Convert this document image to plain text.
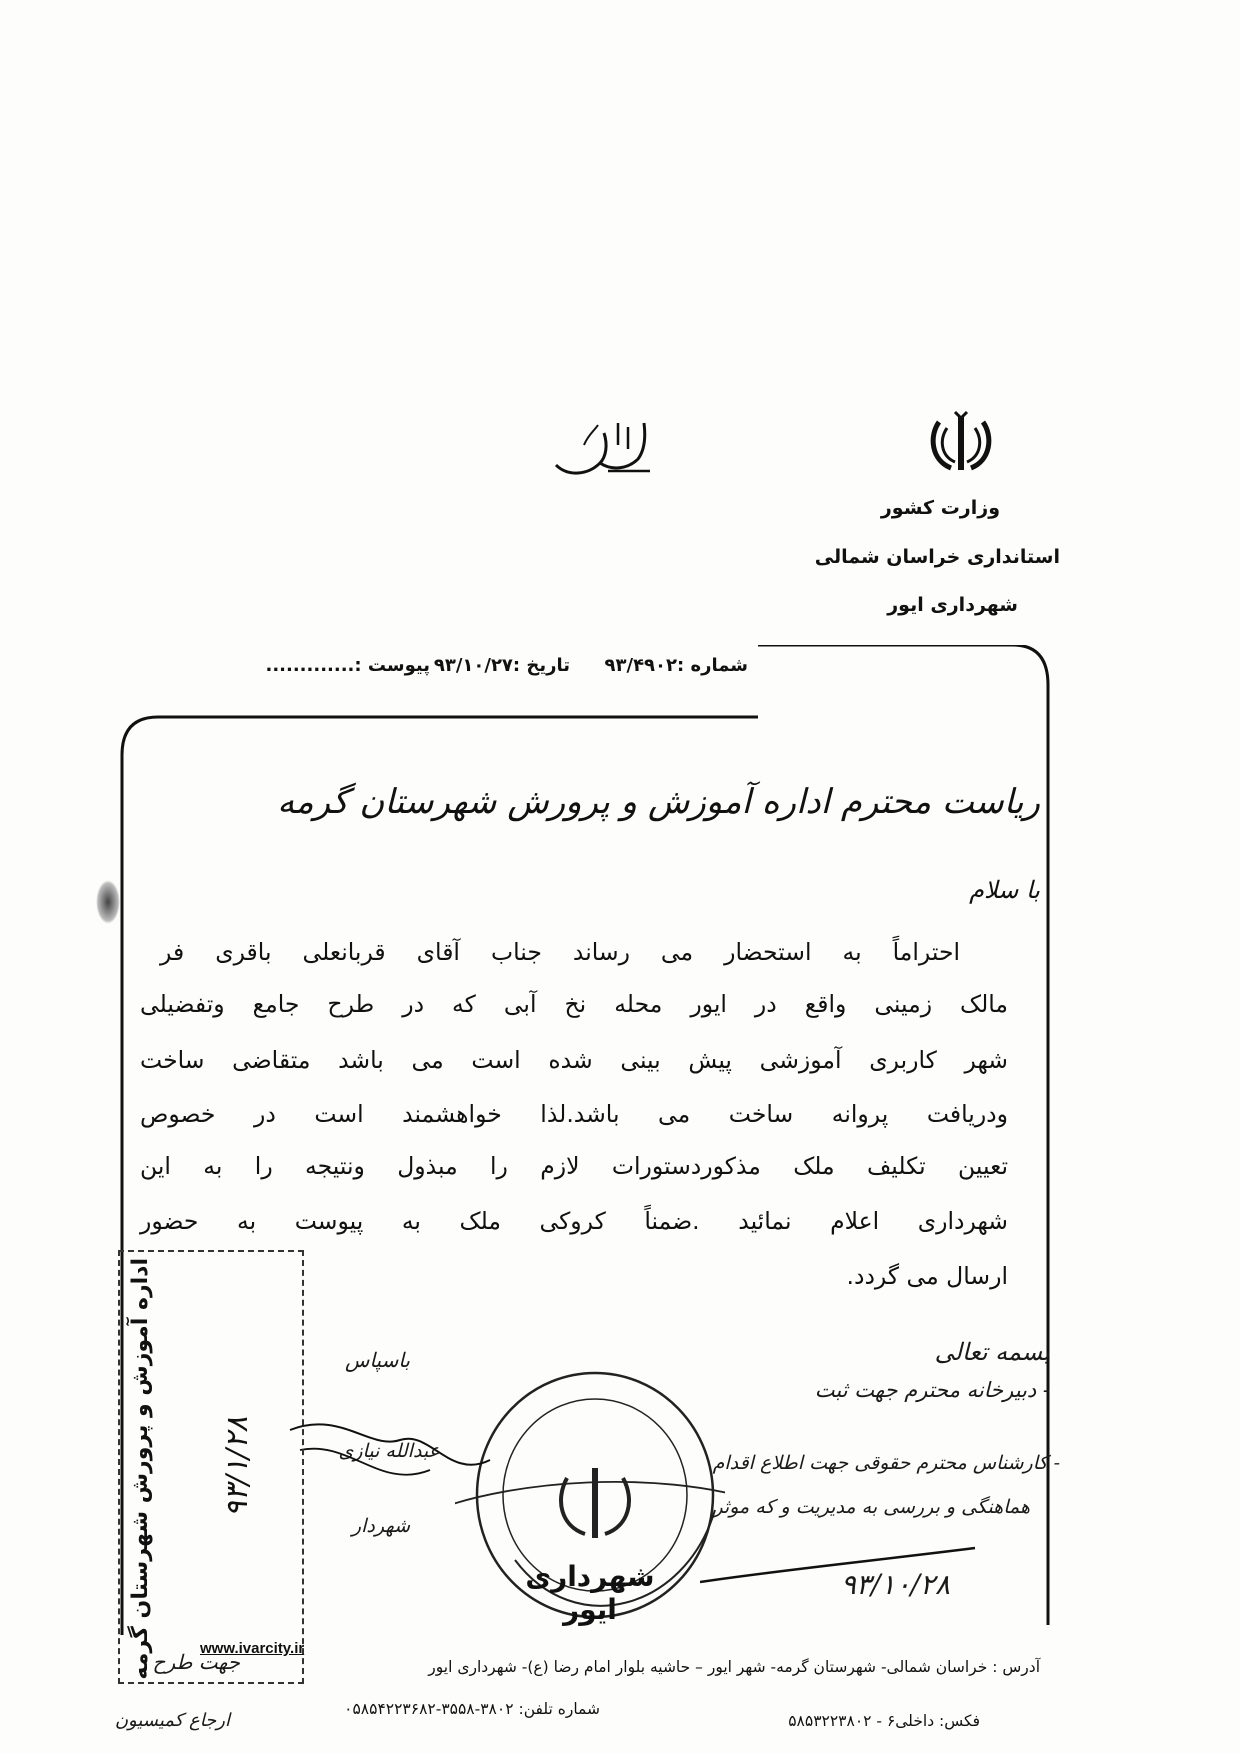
وزارت کشور
استانداری خراسان شمالی
شهرداری ایور
شماره :۹۳/۴۹۰۲
تاریخ :۹۳/۱۰/۲۷
پیوست :.............
ریاست محترم اداره آموزش و پرورش شهرستان گرمه
با سلام
احتراماً به استحضار می رساند جناب آقای قربانعلی باقری فر
مالک زمینی واقع در ایور محله نخ آبی که در طرح جامع وتفضیلی
شهر کاربری آموزشی پیش بینی شده است می باشد متقاضی ساخت
ودریافت پروانه ساخت می باشد.لذا خواهشمند است در خصوص
تعیین تکلیف ملک مذکوردستورات لازم را مبذول ونتیجه را به این
شهرداری اعلام نمائید .ضمناً کروکی ملک به پیوست به حضور
ارسال می گردد.
شهرداری ایور
باسپاس
عبدالله نیازی
شهردار
بسمه تعالی
- دبیرخانه محترم جهت ثبت
- کارشناس محترم حقوقی جهت اطلاع اقدام
هماهنگی و بررسی به مدیریت و که موثر
۹۳/۱۰/۲۸
اداره آموزش و پرورش شهرستان گرمه ۹۳/۱/۲۸
آدرس : خراسان شمالی- شهرستان گرمه- شهر ایور – حاشیه بلوار امام رضا (ع)- شهرداری ایور
www.ivarcity.ir
شماره تلفن: ۳۸۰۲-۳۵۵۸-۰۵۸۵۴۲۲۳۶۸۲
فکس: داخلی۶ - ۵۸۵۳۲۲۳۸۰۲
جهت طرح
ارجاع کمیسیون
